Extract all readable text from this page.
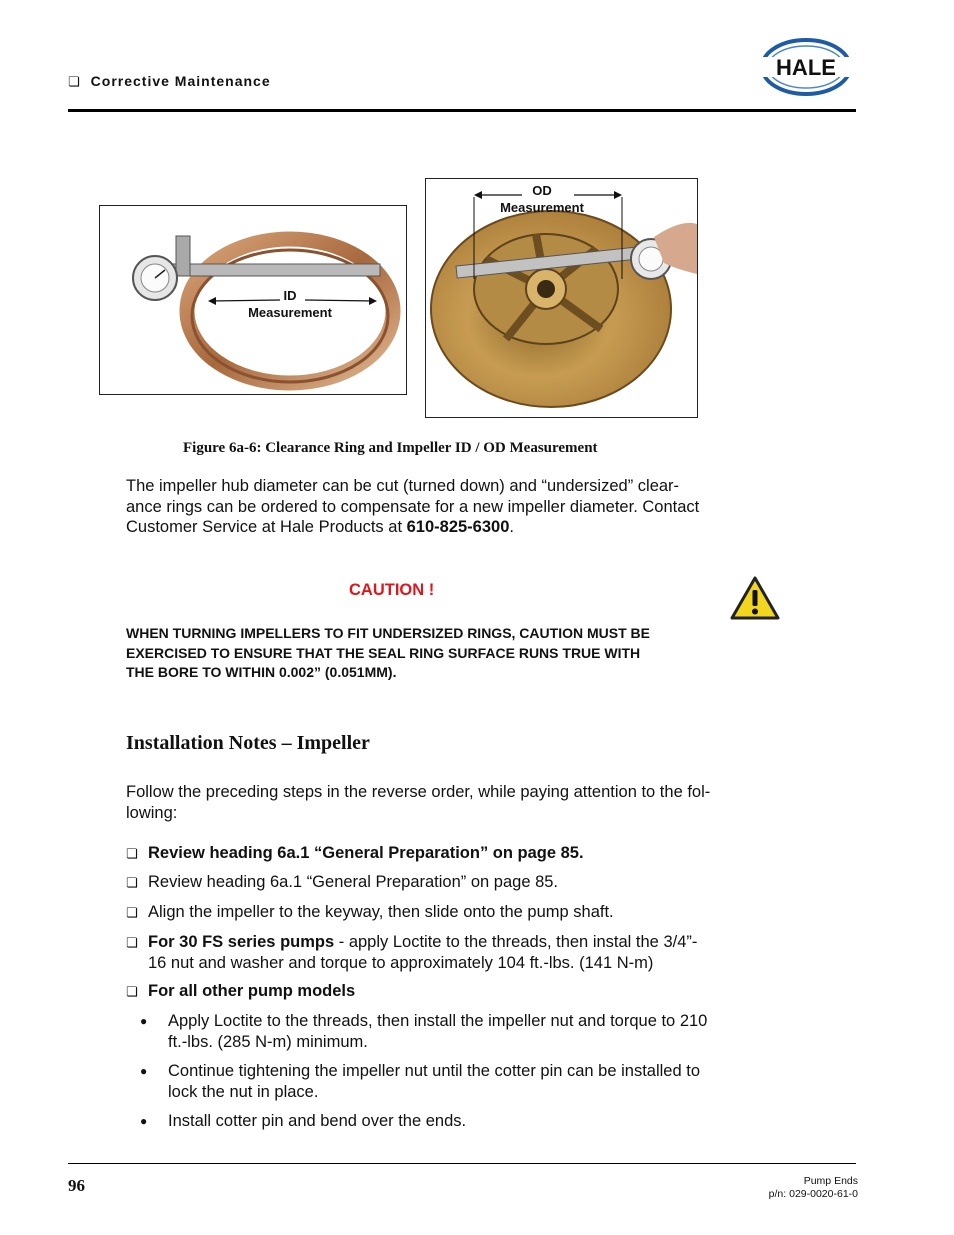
❏ Corrective Maintenance
HALE
ID
Measurement
OD
Measurement
Figure 6a-6: Clearance Ring and Impeller ID / OD Measurement
The impeller hub diameter can be cut (turned down) and “undersized” clear-
ance rings can be ordered to compensate for a new impeller diameter. Contact
Customer Service at Hale Products at 610-825-6300.
CAUTION !
WHEN TURNING IMPELLERS TO FIT UNDERSIZED RINGS, CAUTION MUST BE
EXERCISED TO ENSURE THAT THE SEAL RING SURFACE RUNS TRUE WITH
THE BORE TO WITHIN 0.002” (0.051MM).
Installation Notes – Impeller
Follow the preceding steps in the reverse order, while paying attention to the fol-
lowing:
❏ Review heading 6a.1 “General Preparation” on page 85.
❏ Review heading 6a.1 “General Preparation” on page 85.
❏ Align the impeller to the keyway, then slide onto the pump shaft.
❏ For 30 FS series pumps - apply Loctite to the threads, then instal the 3/4”-
16 nut and washer and torque to approximately 104 ft.-lbs. (141 N-m)
❏ For all other pump models
● Apply Loctite to the threads, then install the impeller nut and torque to 210
ft.-lbs. (285 N-m) minimum.
● Continue tightening the impeller nut until the cotter pin can be installed to
lock the nut in place.
● Install cotter pin and bend over the ends.
96	Pump Ends
p/n: 029-0020-61-0
